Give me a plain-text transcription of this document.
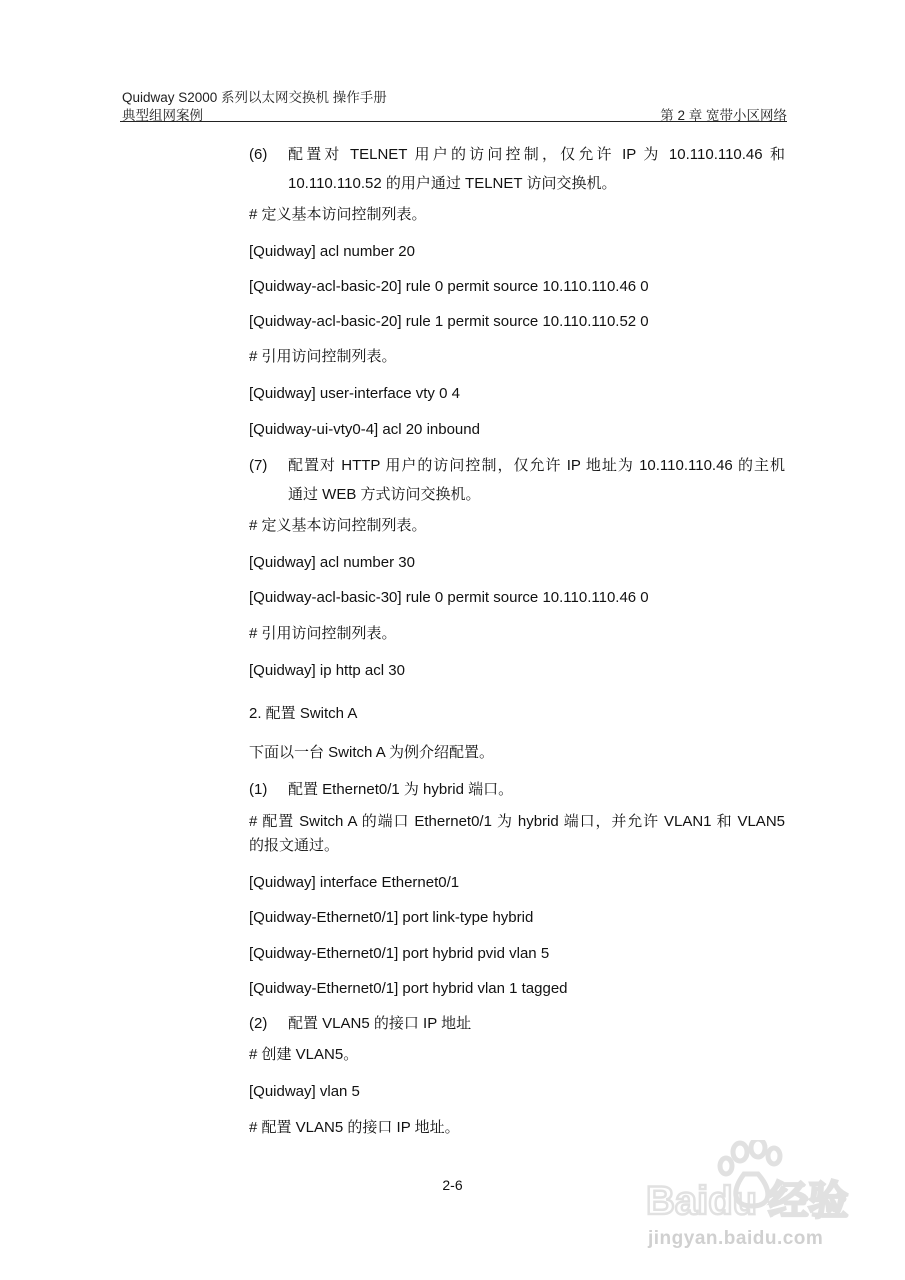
Quidway S2000 系列以太网交换机 操作手册
典型组网案例	第 2 章 宽带小区网络
(6) 配置对 TELNET 用户的访问控制，仅允许 IP 为 10.110.110.46 和
10.110.110.52 的用户通过 TELNET 访问交换机。
# 定义基本访问控制列表。
[Quidway] acl number 20
[Quidway-acl-basic-20] rule 0 permit source 10.110.110.46 0
[Quidway-acl-basic-20] rule 1 permit source 10.110.110.52 0
# 引用访问控制列表。
[Quidway] user-interface vty 0 4
[Quidway-ui-vty0-4] acl 20 inbound
(7) 配置对 HTTP 用户的访问控制，仅允许 IP 地址为 10.110.110.46 的主机
通过 WEB 方式访问交换机。
# 定义基本访问控制列表。
[Quidway] acl number 30
[Quidway-acl-basic-30] rule 0 permit source 10.110.110.46 0
# 引用访问控制列表。
[Quidway] ip http acl 30
2. 配置 Switch A
下面以一台 Switch A 为例介绍配置。
(1) 配置 Ethernet0/1 为 hybrid 端口。
# 配置 Switch A 的端口 Ethernet0/1 为 hybrid 端口，并允许 VLAN1 和 VLAN5
的报文通过。
[Quidway] interface Ethernet0/1
[Quidway-Ethernet0/1] port link-type hybrid
[Quidway-Ethernet0/1] port hybrid pvid vlan 5
[Quidway-Ethernet0/1] port hybrid vlan 1 tagged
(2) 配置 VLAN5 的接口 IP 地址
# 创建 VLAN5。
[Quidway] vlan 5
# 配置 VLAN5 的接口 IP 地址。
2-6	Baidu 经验
jingyan.baidu.com
